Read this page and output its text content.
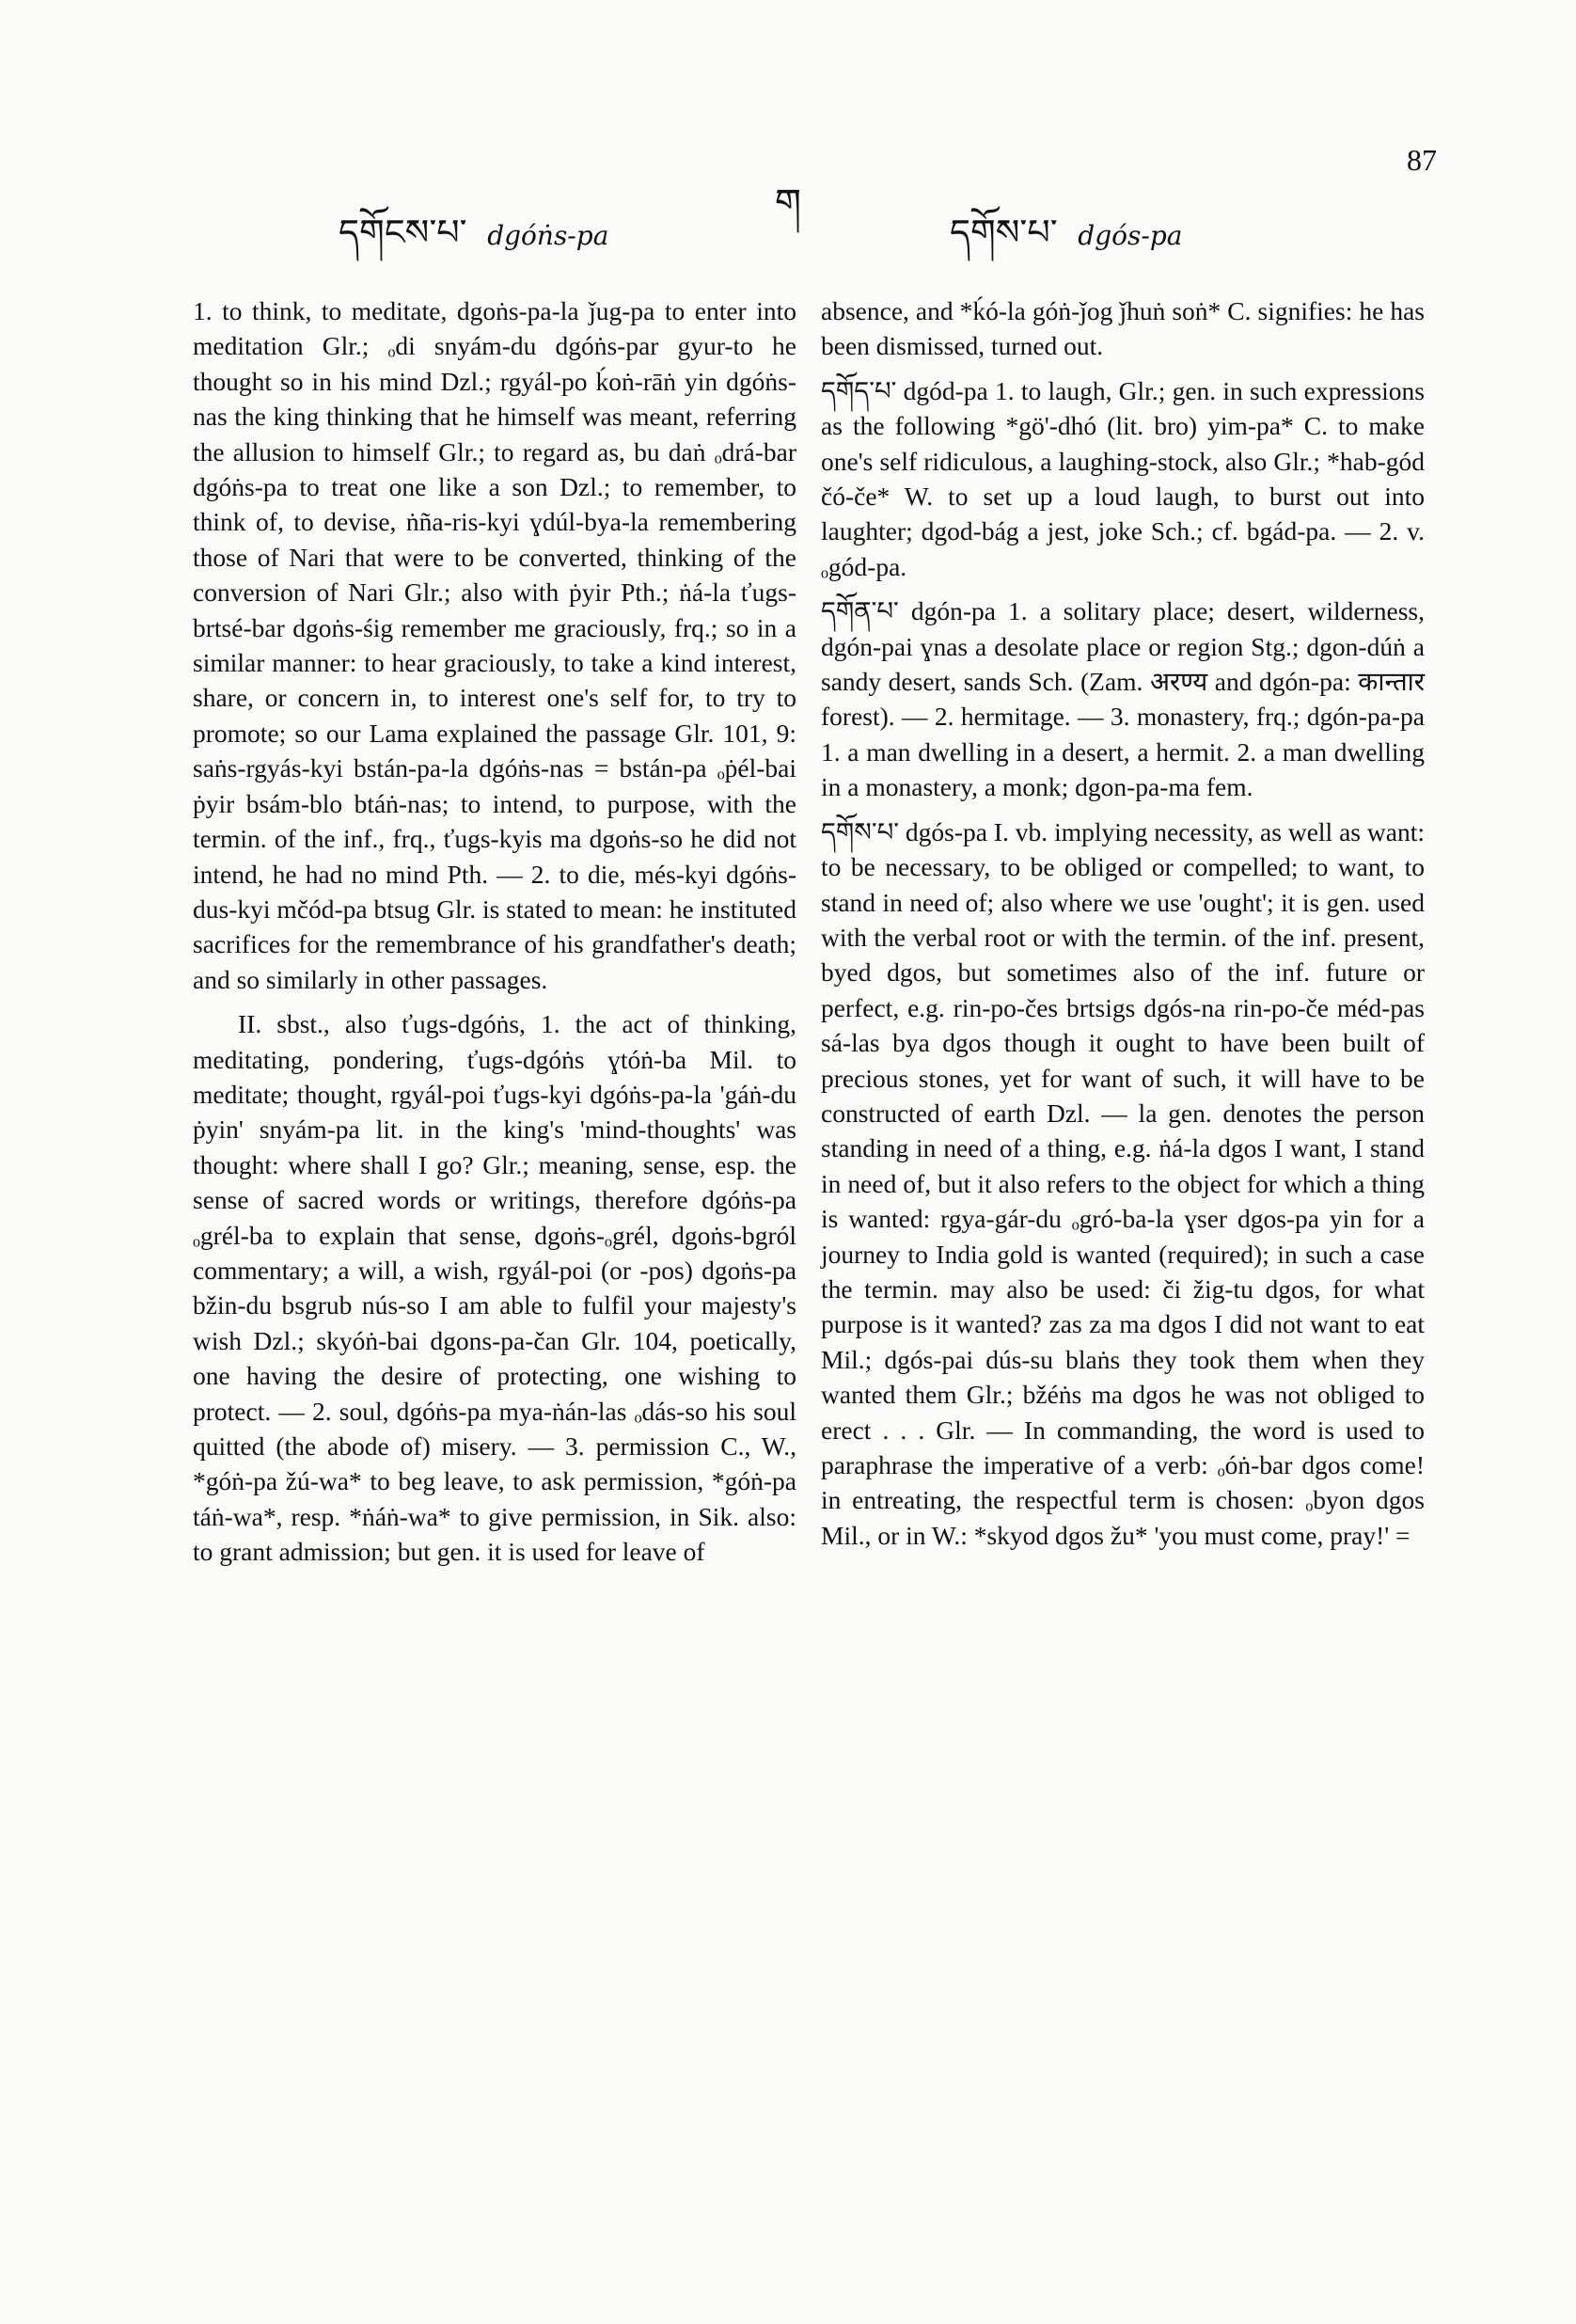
87
ག
དགོངས་པ་ dgóṅs-pa	དགོས་པ་ dgós-pa

1. to think, to meditate, dgoṅs-pa-la ǰug-pa to enter into meditation Glr.; ₒdi snyám-du dgóṅs-par gyur-to he thought so in his mind Dzl.; rgyál-po ḱoṅ-rāṅ yin dgóṅs-nas the king thinking that he himself was meant, referring the allusion to himself Glr.; to regard as, bu daṅ ₒdrá-bar dgóṅs-pa to treat one like a son Dzl.; to remember, to think of, to devise, ṅña-ris-kyi ɣdúl-bya-la remembering those of Nari that were to be converted, thinking of the conversion of Nari Glr.; also with ṗyir Pth.; ṅá-la ťugs-brtsé-bar dgoṅs-śig remember me graciously, frq.; so in a similar manner: to hear graciously, to take a kind interest, share, or concern in, to interest one's self for, to try to promote; so our Lama explained the passage Glr. 101, 9: saṅs-rgyás-kyi bstán-pa-la dgóṅs-nas = bstán-pa ₒṗél-bai ṗyir bsám-blo btáṅ-nas; to intend, to purpose, with the termin. of the inf., frq., ťugs-kyis ma dgoṅs-so he did not intend, he had no mind Pth. — 2. to die, més-kyi dgóṅs-dus-kyi mčód-pa btsug Glr. is stated to mean: he instituted sacrifices for the remembrance of his grandfather's death; and so similarly in other passages.

II. sbst., also ťugs-dgóṅs, 1. the act of thinking, meditating, pondering, ťugs-dgóṅs ɣtóṅ-ba Mil. to meditate; thought, rgyál-poi ťugs-kyi dgóṅs-pa-la 'gáṅ-du ṗyin' snyám-pa lit. in the king's 'mind-thoughts' was thought: where shall I go? Glr.; meaning, sense, esp. the sense of sacred words or writings, therefore dgóṅs-pa ₒgrél-ba to explain that sense, dgoṅs-ₒgrél, dgoṅs-bgról commentary; a will, a wish, rgyál-poi (or -pos) dgoṅs-pa bžin-du bsgrub nús-so I am able to fulfil your majesty's wish Dzl.; skyóṅ-bai dgons-pa-čan Glr. 104, poetically, one having the desire of protecting, one wishing to protect. — 2. soul, dgóṅs-pa mya-ṅán-las ₒdás-so his soul quitted (the abode of) misery. — 3. permission C., W., *góṅ-pa žú-wa* to beg leave, to ask permission, *góṅ-pa táṅ-wa*, resp. *ṅáṅ-wa* to give permission, in Sik. also: to grant admission; but gen. it is used for leave of

absence, and *ḱó-la góṅ-ǰog ǰhuṅ soṅ* C. signifies: he has been dismissed, turned out.

དགོད་པ་ dgód-pa 1. to laugh, Glr.; gen. in such expressions as the following *gö'-dhó (lit. bro) yim-pa* C. to make one's self ridiculous, a laughing-stock, also Glr.; *hab-gód čó-če* W. to set up a loud laugh, to burst out into laughter; dgod-bág a jest, joke Sch.; cf. bgád-pa. — 2. v. ₒgód-pa.

དགོན་པ་ dgón-pa 1. a solitary place; desert, wilderness, dgón-pai ɣnas a desolate place or region Stg.; dgon-dúṅ a sandy desert, sands Sch. (Zam. अरण्य and dgón-pa: कान्तार forest). — 2. hermitage. — 3. monastery, frq.; dgón-pa-pa 1. a man dwelling in a desert, a hermit. 2. a man dwelling in a monastery, a monk; dgon-pa-ma fem.

དགོས་པ་ dgós-pa I. vb. implying necessity, as well as want: to be necessary, to be obliged or compelled; to want, to stand in need of; also where we use 'ought'; it is gen. used with the verbal root or with the termin. of the inf. present, byed dgos, but sometimes also of the inf. future or perfect, e.g. rin-po-čes brtsigs dgós-na rin-po-če méd-pas sá-las bya dgos though it ought to have been built of precious stones, yet for want of such, it will have to be constructed of earth Dzl. — la gen. denotes the person standing in need of a thing, e.g. ṅá-la dgos I want, I stand in need of, but it also refers to the object for which a thing is wanted: rgya-gár-du ₒgró-ba-la ɣser dgos-pa yin for a journey to India gold is wanted (required); in such a case the termin. may also be used: či žig-tu dgos, for what purpose is it wanted? zas za ma dgos I did not want to eat Mil.; dgós-pai dús-su blaṅs they took them when they wanted them Glr.; bžéṅs ma dgos he was not obliged to erect . . . Glr. — In commanding, the word is used to paraphrase the imperative of a verb: ₒóṅ-bar dgos come! in entreating, the respectful term is chosen: ₒbyon dgos Mil., or in W.: *skyod dgos žu* 'you must come, pray!' =
